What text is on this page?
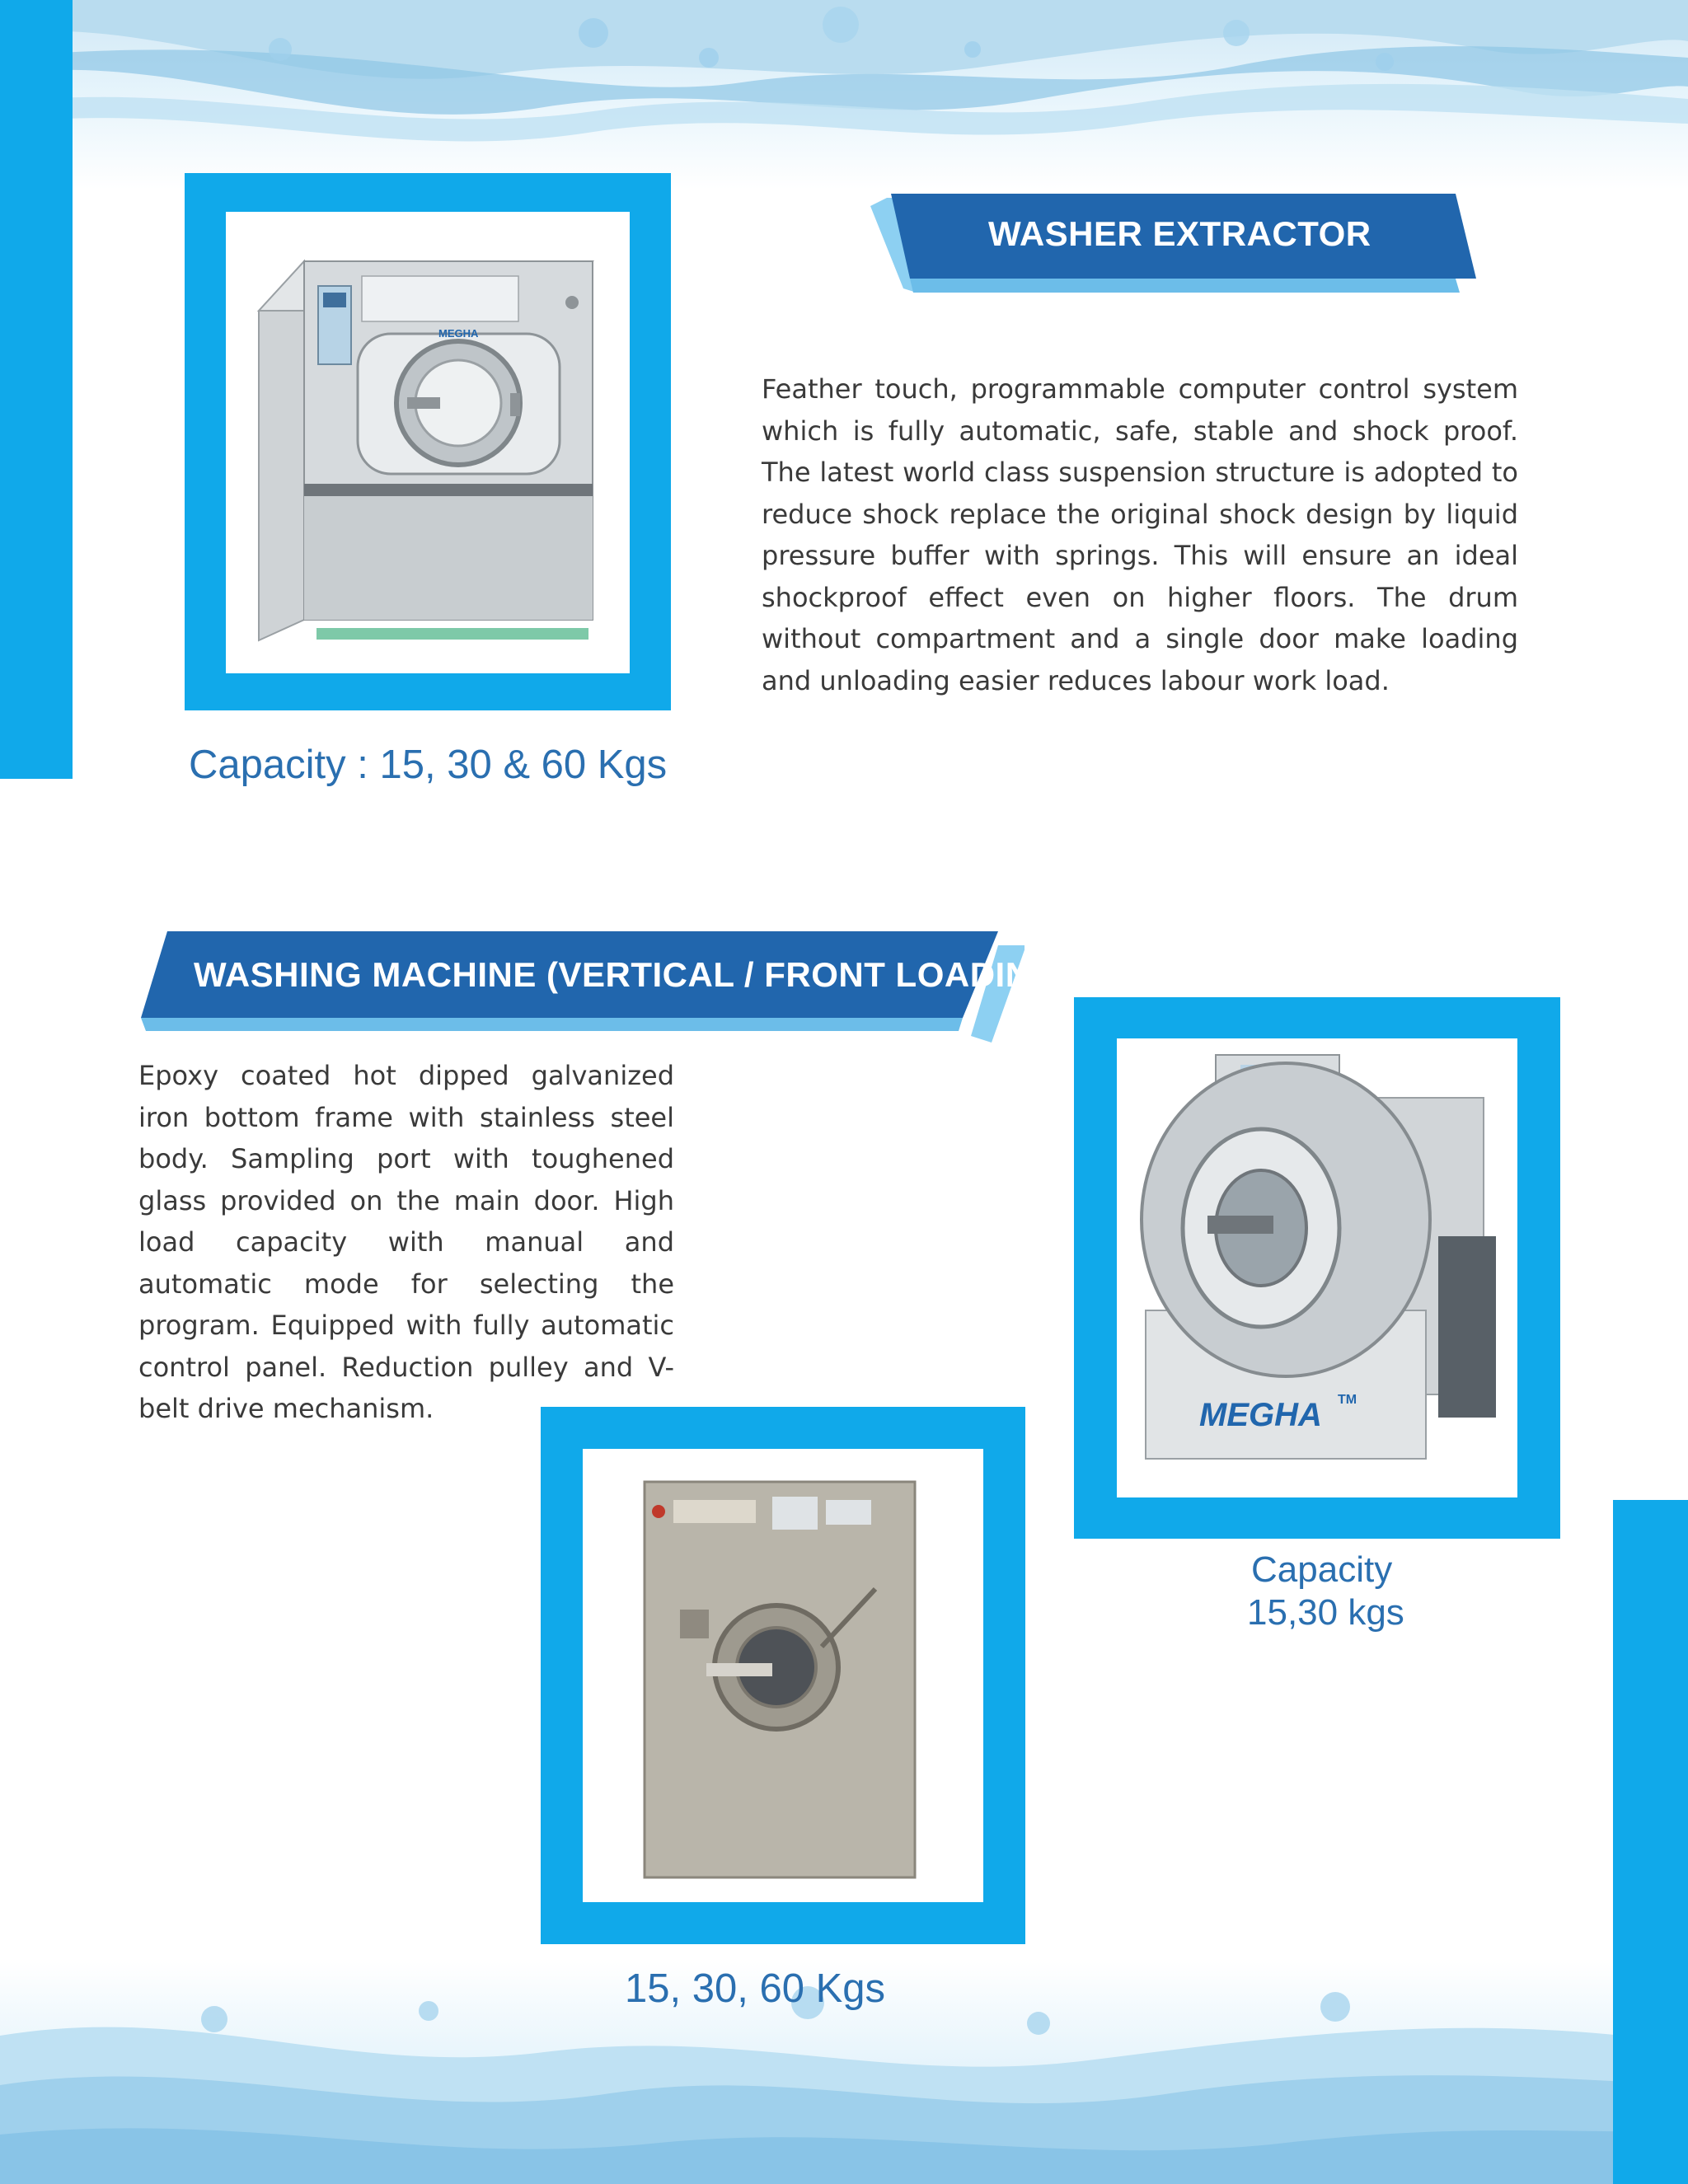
MEGHA
WASHER EXTRACTOR

Feather touch, programmable computer control system which is fully automatic, safe, stable and shock proof. The latest world class suspension structure is adopted to reduce shock replace the original shock design by liquid pressure buffer with springs. This will ensure an ideal shockproof effect even on higher floors. The drum without compartment and a single door make loading and unloading easier reduces labour work load.

Capacity : 15, 30 & 60 Kgs
WASHING MACHINE (VERTICAL / FRONT LOADING)

Epoxy coated hot dipped galvanized iron bottom frame with stainless steel body. Sampling port with toughened glass provided on the main door. High load capacity with manual and automatic mode for selecting the program. Equipped with fully automatic control panel. Reduction pulley and V- belt drive mechanism.	MEGHA TM
Capacity
15,30 kgs
15, 30, 60 Kgs
